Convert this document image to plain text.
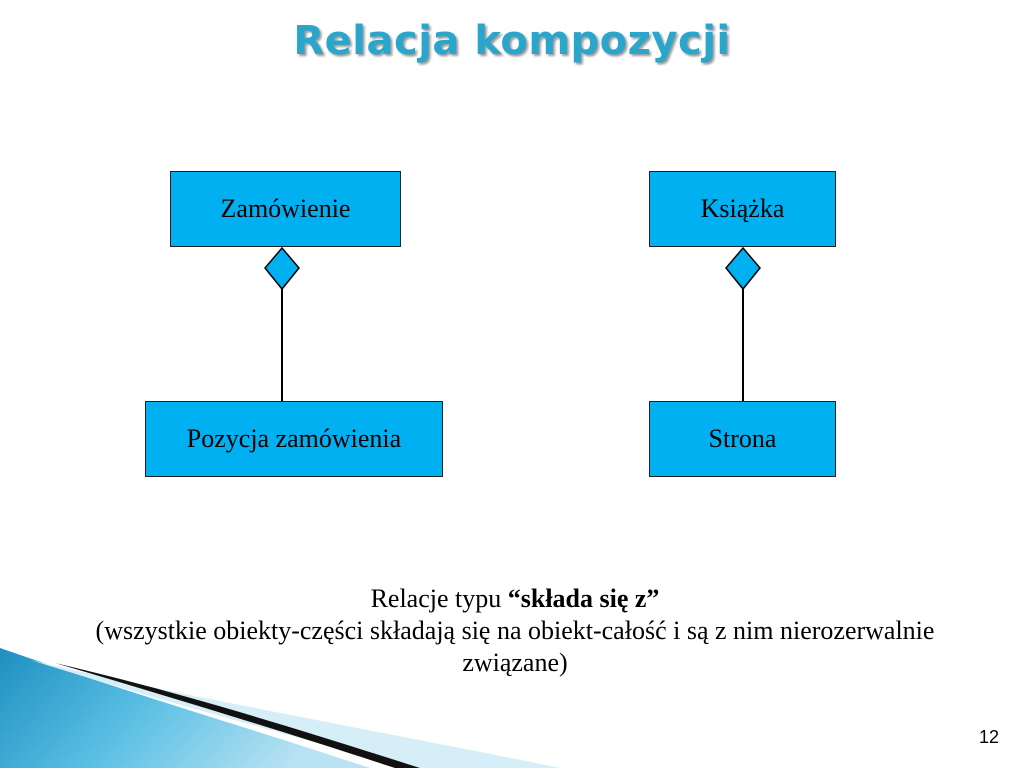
Relacja kompozycji
Zamówienie
Pozycja zamówienia
Książka
Strona
Relacje typu “składa się z”
(wszystkie obiekty-części składają się na obiekt-całość i są z nim nierozerwalnie związane)
12
